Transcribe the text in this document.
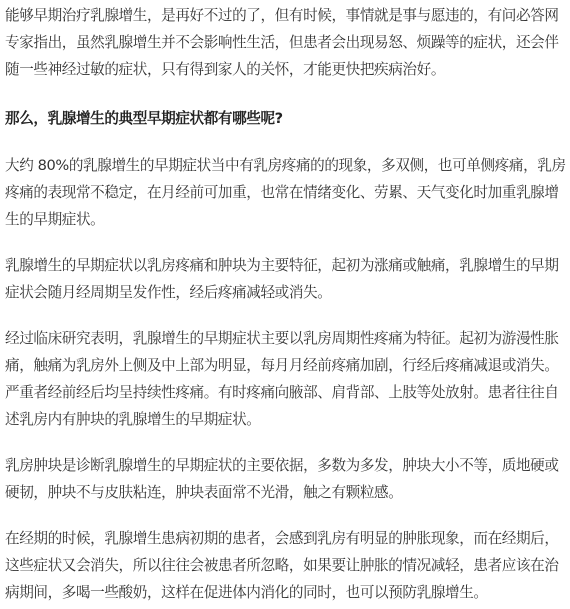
能够早期治疗乳腺增生，是再好不过的了，但有时候，事情就是事与愿违的，有问必答网专家指出，虽然乳腺增生并不会影响性生活，但患者会出现易怒、烦躁等的症状，还会伴随一些神经过敏的症状，只有得到家人的关怀，才能更快把疾病治好。

那么，乳腺增生的典型早期症状都有哪些呢?

大约 80%的乳腺增生的早期症状当中有乳房疼痛的的现象，多双侧，也可单侧疼痛，乳房疼痛的表现常不稳定，在月经前可加重，也常在情绪变化、劳累、天气变化时加重乳腺增生的早期症状。

乳腺增生的早期症状以乳房疼痛和肿块为主要特征，起初为涨痛或触痛，乳腺增生的早期症状会随月经周期呈发作性，经后疼痛减轻或消失。

经过临床研究表明，乳腺增生的早期症状主要以乳房周期性疼痛为特征。起初为游漫性胀痛，触痛为乳房外上侧及中上部为明显，每月月经前疼痛加剧，行经后疼痛减退或消失。严重者经前经后均呈持续性疼痛。有时疼痛向腋部、肩背部、上肢等处放射。患者往往自述乳房内有肿块的乳腺增生的早期症状。

乳房肿块是诊断乳腺增生的早期症状的主要依据，多数为多发，肿块大小不等，质地硬或硬韧，肿块不与皮肤粘连，肿块表面常不光滑，触之有颗粒感。

在经期的时候，乳腺增生患病初期的患者，会感到乳房有明显的肿胀现象，而在经期后，这些症状又会消失，所以往往会被患者所忽略，如果要让肿胀的情况减轻，患者应该在治病期间，多喝一些酸奶，这样在促进体内消化的同时，也可以预防乳腺增生。
